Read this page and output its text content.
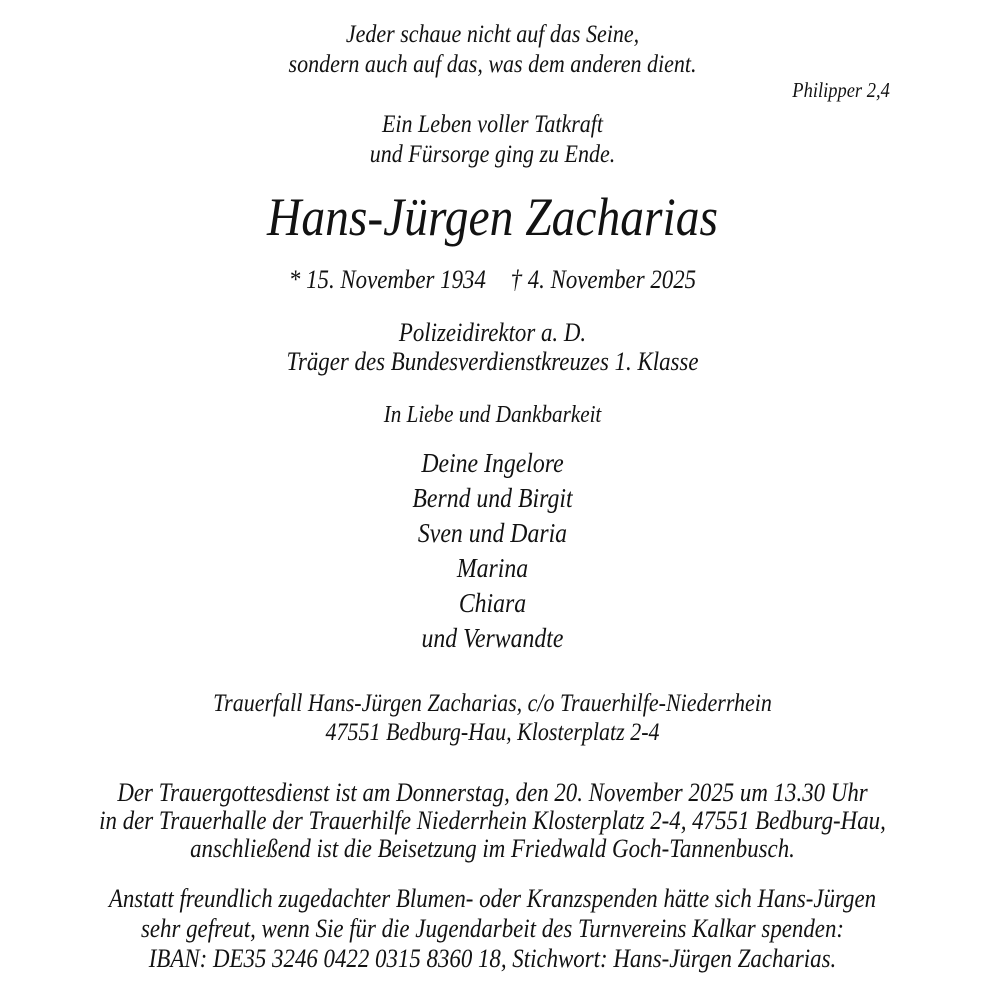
Jeder schaue nicht auf das Seine,
sondern auch auf das, was dem anderen dient.
Philipper 2,4
Ein Leben voller Tatkraft
und Fürsorge ging zu Ende.
Hans-Jürgen Zacharias
* 15. November 1934 † 4. November 2025
Polizeidirektor a. D.
Träger des Bundesverdienstkreuzes 1. Klasse
In Liebe und Dankbarkeit
Deine Ingelore
Bernd und Birgit
Sven und Daria
Marina
Chiara
und Verwandte
Trauerfall Hans-Jürgen Zacharias, c/o Trauerhilfe-Niederrhein
47551 Bedburg-Hau, Klosterplatz 2-4
Der Trauergottesdienst ist am Donnerstag, den 20. November 2025 um 13.30 Uhr
in der Trauerhalle der Trauerhilfe Niederrhein Klosterplatz 2-4, 47551 Bedburg-Hau,
anschließend ist die Beisetzung im Friedwald Goch-Tannenbusch.
Anstatt freundlich zugedachter Blumen- oder Kranzspenden hätte sich Hans-Jürgen
sehr gefreut, wenn Sie für die Jugendarbeit des Turnvereins Kalkar spenden:
IBAN: DE35 3246 0422 0315 8360 18, Stichwort: Hans-Jürgen Zacharias.
